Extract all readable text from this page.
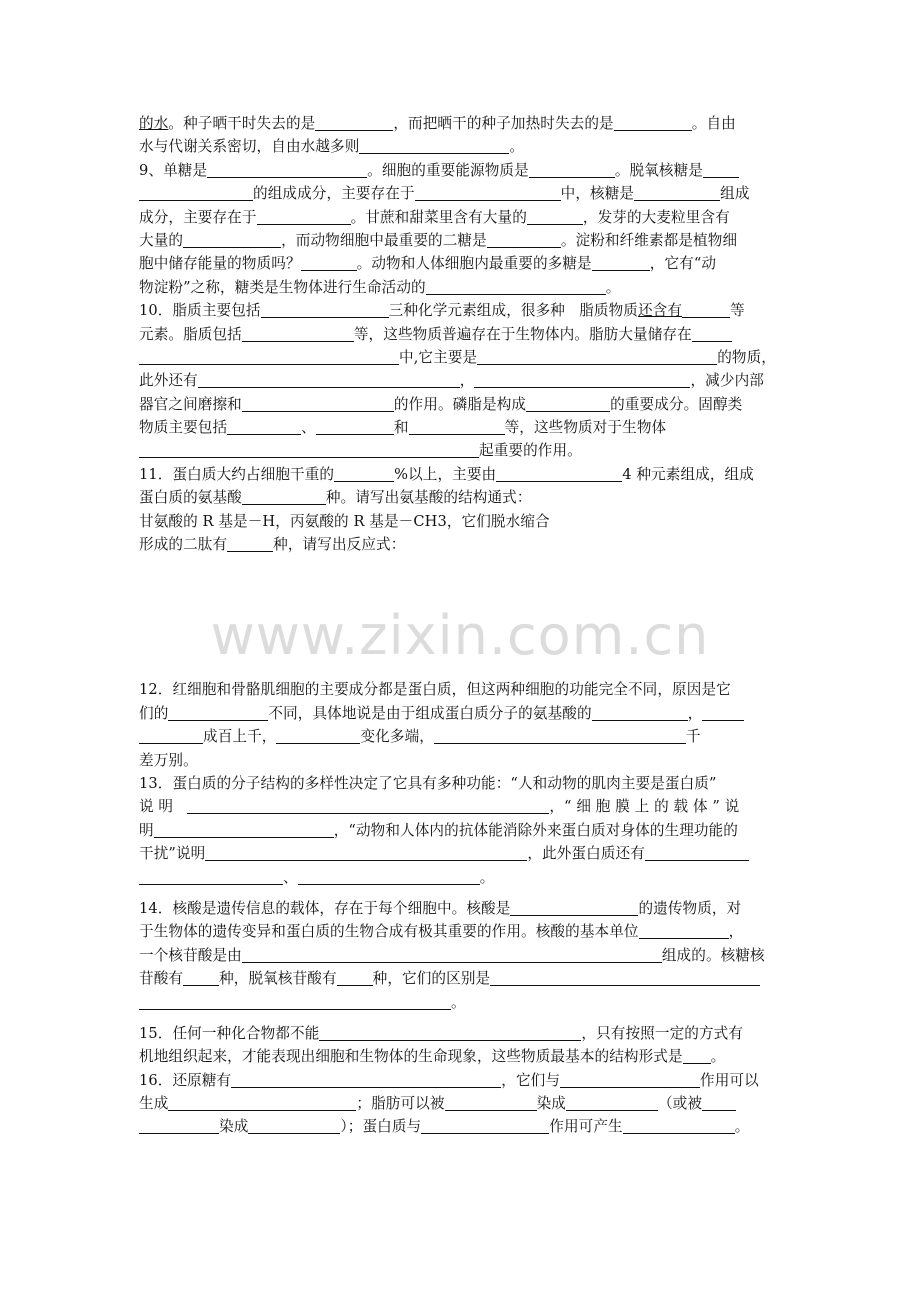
www.zixin.com.cn
的水。种子晒干时失去的是	，而把晒干的种子加热时失去的是	。自由
水与代谢关系密切，自由水越多则	。
9、单糖是	。细胞的重要能源物质是	。脱氧核糖是
的组成成分，主要存在于	中，核糖是	组成
成分，主要存在于	。甘蔗和甜菜里含有大量的	，发芽的大麦粒里含有
大量的	，而动物细胞中最重要的二糖是	。淀粉和纤维素都是植物细
胞中储存能量的物质吗？	。动物和人体细胞内最重要的多糖是	，它有“动
物淀粉”之称，糖类是生物体进行生命活动的	。
10．脂质主要包括	三种化学元素组成，很多种 脂质物质还含有	等
元素。脂质包括	等，这些物质普遍存在于生物体内。脂肪大量储存在
中,它主要是	的物质，
此外还有	，	，减少内部
器官之间磨擦和	的作用。磷脂是构成	的重要成分。固醇类
物质主要包括	、	和	等，这些物质对于生物体
起重要的作用。
11．蛋白质大约占细胞干重的	%以上，主要由	4 种元素组成，组成
蛋白质的氨基酸	种。请写出氨基酸的结构通式：
甘氨酸的 R 基是－H，丙氨酸的 R 基是－CH3，它们脱水缩合
形成的二肽有	种，请写出反应式：
12．红细胞和骨骼肌细胞的主要成分都是蛋白质，但这两种细胞的功能完全不同，原因是它
们的	不同，具体地说是由于组成蛋白质分子的氨基酸的	，
成百上千，	变化多端，	千
差万别。
13．蛋白质的分子结构的多样性决定了它具有多种功能：“人和动物的肌肉主要是蛋白质”
说 明	，“ 细 胞 膜 上 的 载 体 ” 说
明	，“动物和人体内的抗体能消除外来蛋白质对身体的生理功能的
干扰”说明	，此外蛋白质还有
、	。
14．核酸是遗传信息的载体，存在于每个细胞中。核酸是	的遗传物质，对
于生物体的遗传变异和蛋白质的生物合成有极其重要的作用。核酸的基本单位	，
一个核苷酸是由	组成的。核糖核
苷酸有 种，脱氧核苷酸有 种，它们的区别是
。
15．任何一种化合物都不能	，只有按照一定的方式有
机地组织起来，才能表现出细胞和生物体的生命现象，这些物质最基本的结构形式是 。
16．还原糖有	，它们与	作用可以
生成	；脂肪可以被	染成	（或被
染成	）；蛋白质与	作用可产生	。
